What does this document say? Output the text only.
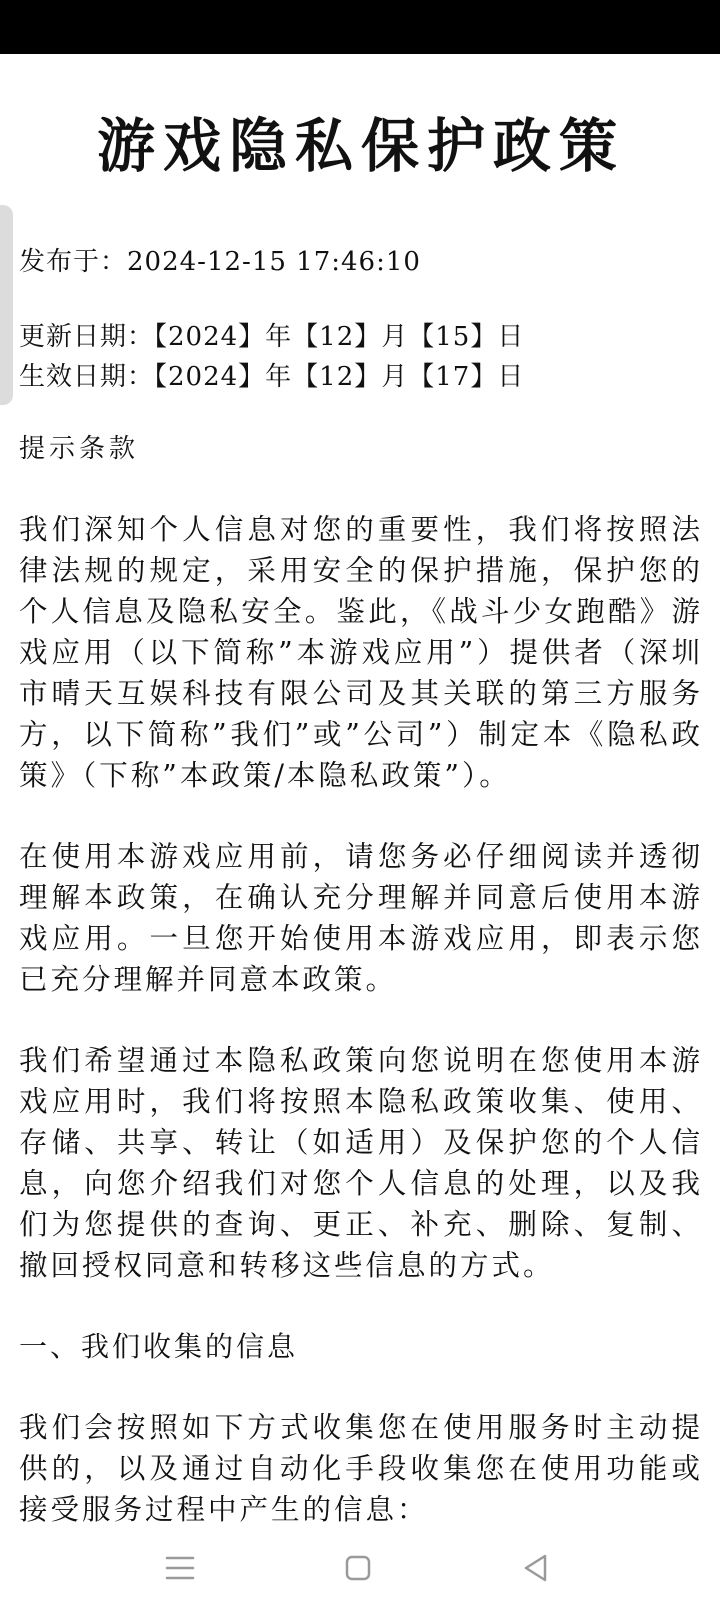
游戏隐私保护政策
发布于：2024-12-15 17:46:10
更新日期：【2024】年【12】月【15】日
生效日期：【2024】年【12】月【17】日
提示条款
我们深知个人信息对您的重要性，我们将按照法律法规的规定，采用安全的保护措施，保护您的个人信息及隐私安全。鉴此，《战斗少女跑酷》游戏应用（以下简称”本游戏应用”）提供者（深圳市晴天互娱科技有限公司及其关联的第三方服务方，以下简称”我们”或”公司”）制定本《隐私政策》（下称”本政策/本隐私政策”）。
在使用本游戏应用前，请您务必仔细阅读并透彻理解本政策，在确认充分理解并同意后使用本游戏应用。一旦您开始使用本游戏应用，即表示您已充分理解并同意本政策。
我们希望通过本隐私政策向您说明在您使用本游戏应用时，我们将按照本隐私政策收集、使用、存储、共享、转让（如适用）及保护您的个人信息，向您介绍我们对您个人信息的处理，以及我们为您提供的查询、更正、补充、删除、复制、撤回授权同意和转移这些信息的方式。
一、我们收集的信息
我们会按照如下方式收集您在使用服务时主动提供的，以及通过自动化手段收集您在使用功能或接受服务过程中产生的信息：
